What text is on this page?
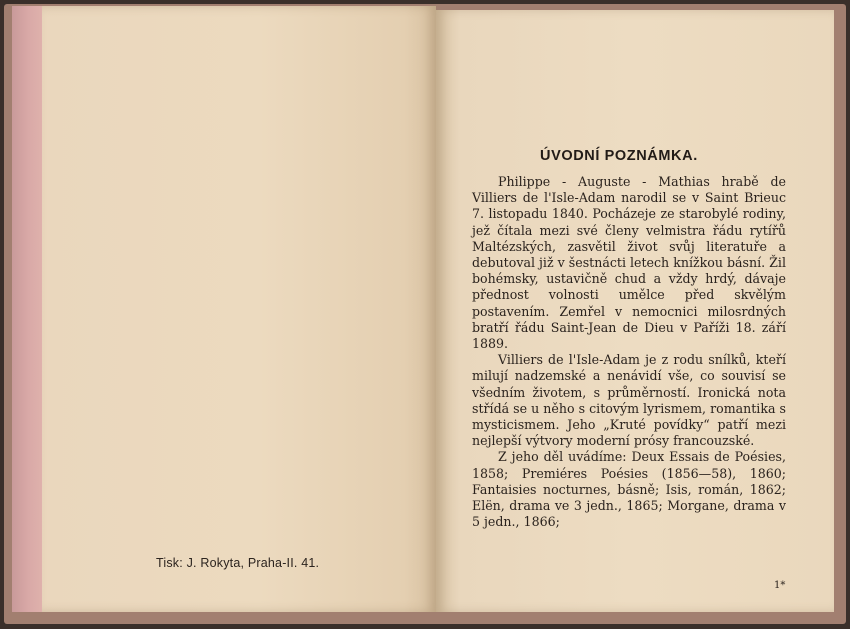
Tisk: J. Rokyta, Praha-II. 41.
ÚVODNÍ POZNÁMKA.

Philippe - Auguste - Mathias hrabě de Villiers de l'Isle-Adam narodil se v Saint Brieuc 7. listopadu 1840. Pocházeje ze starobylé rodiny, jež čítala mezi své členy velmistra řádu rytířů Maltézských, zasvětil život svůj literatuře a debutoval již v šestnácti letech knížkou básní. Žil bohémsky, ustavičně chud a vždy hrdý, dávaje přednost volnosti umělce před skvělým postavením. Zemřel v nemocnici milosrdných bratří řádu Saint-Jean de Dieu v Paříži 18. září 1889.

Villiers de l'Isle-Adam je z rodu snílků, kteří milují nadzemské a nenávidí vše, co souvisí se všedním životem, s průměrností. Ironická nota střídá se u něho s citovým lyrismem, romantika s mysticismem. Jeho „Kruté povídky“ patří mezi nejlepší výtvory moderní prósy francouzské.

Z jeho děl uvádíme: Deux Essais de Poésies, 1858; Premiéres Poésies (1856—58), 1860; Fantaisies nocturnes, básně; Isis, román, 1862; Elën, drama ve 3 jedn., 1865; Morgane, drama v 5 jedn., 1866;

1*
